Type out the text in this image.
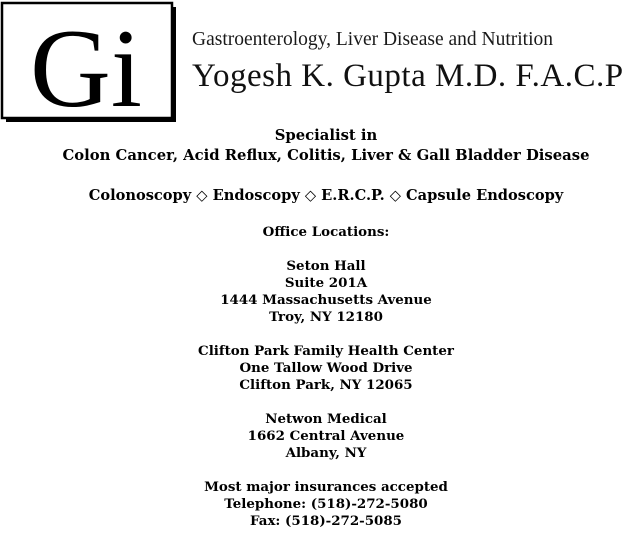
Gi	Gastroenterology, Liver Disease and Nutrition
Yogesh K. Gupta M.D. F.A.C.P
Specialist in
Colon Cancer, Acid Reflux, Colitis, Liver & Gall Bladder Disease
Colonoscopy ◇ Endoscopy ◇ E.R.C.P. ◇ Capsule Endoscopy
Office Locations:
Seton Hall
Suite 201A
1444 Massachusetts Avenue
Troy, NY 12180
Clifton Park Family Health Center
One Tallow Wood Drive
Clifton Park, NY 12065
Netwon Medical
1662 Central Avenue
Albany, NY
Most major insurances accepted
Telephone: (518)-272-5080
Fax: (518)-272-5085
